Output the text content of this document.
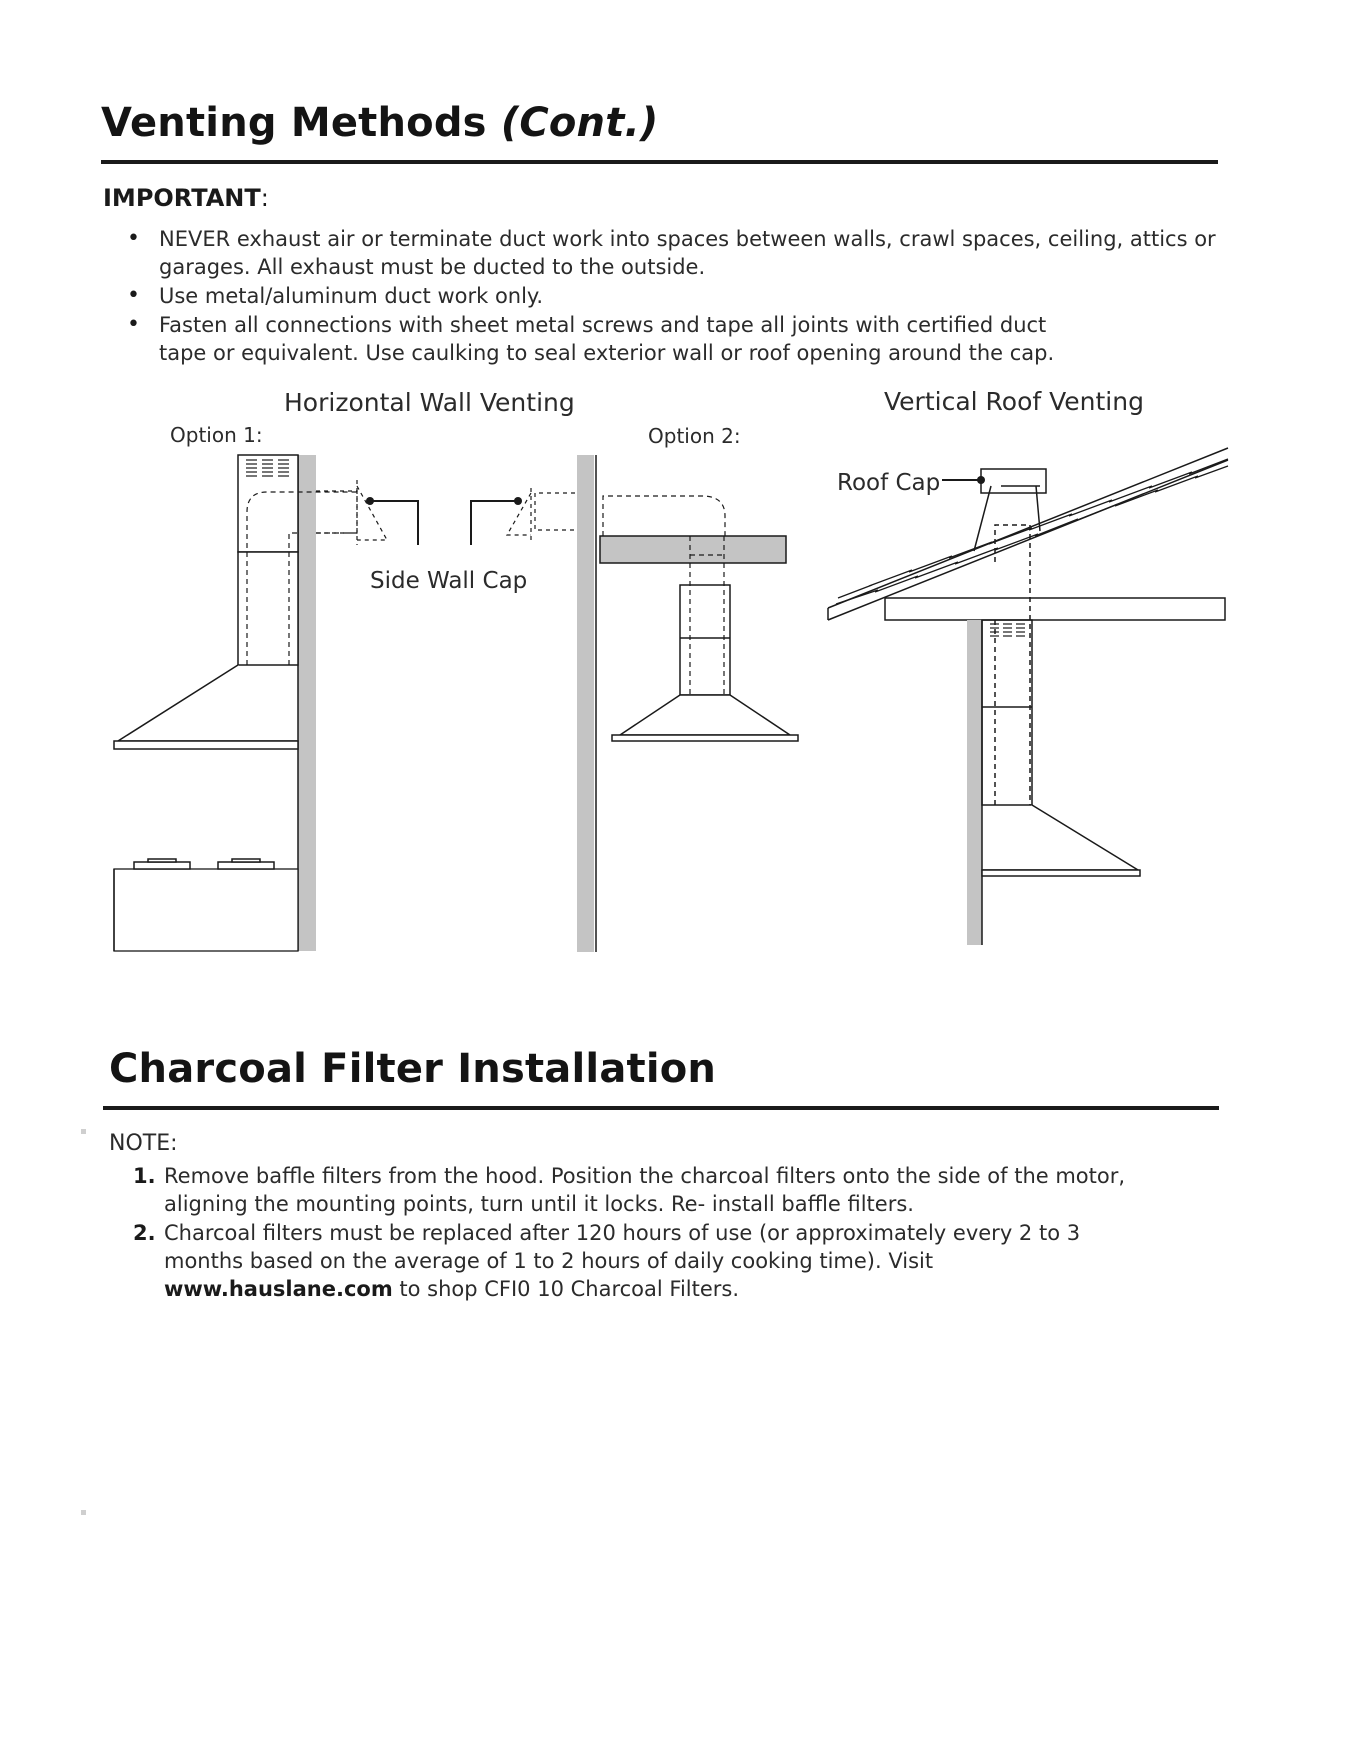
Venting Methods (Cont.)
IMPORTANT:
• NEVER exhaust air or terminate duct work into spaces between walls, crawl spaces, ceiling, attics or garages. All exhaust must be ducted to the outside.
• Use metal/aluminum duct work only.
• Fasten all connections with sheet metal screws and tape all joints with certified duct tape or equivalent. Use caulking to seal exterior wall or roof opening around the cap.
Horizontal Wall Venting	Vertical Roof Venting
Option 1:	Option 2:
Side Wall Cap
Roof Cap
Charcoal Filter Installation
NOTE:
1. Remove baffle filters from the hood. Position the charcoal filters onto the side of the motor, aligning the mounting points, turn until it locks. Re- install baffle filters.
2. Charcoal filters must be replaced after 120 hours of use (or approximately every 2 to 3 months based on the average of 1 to 2 hours of daily cooking time). Visit www.hauslane.com to shop CFI0 10 Charcoal Filters.
